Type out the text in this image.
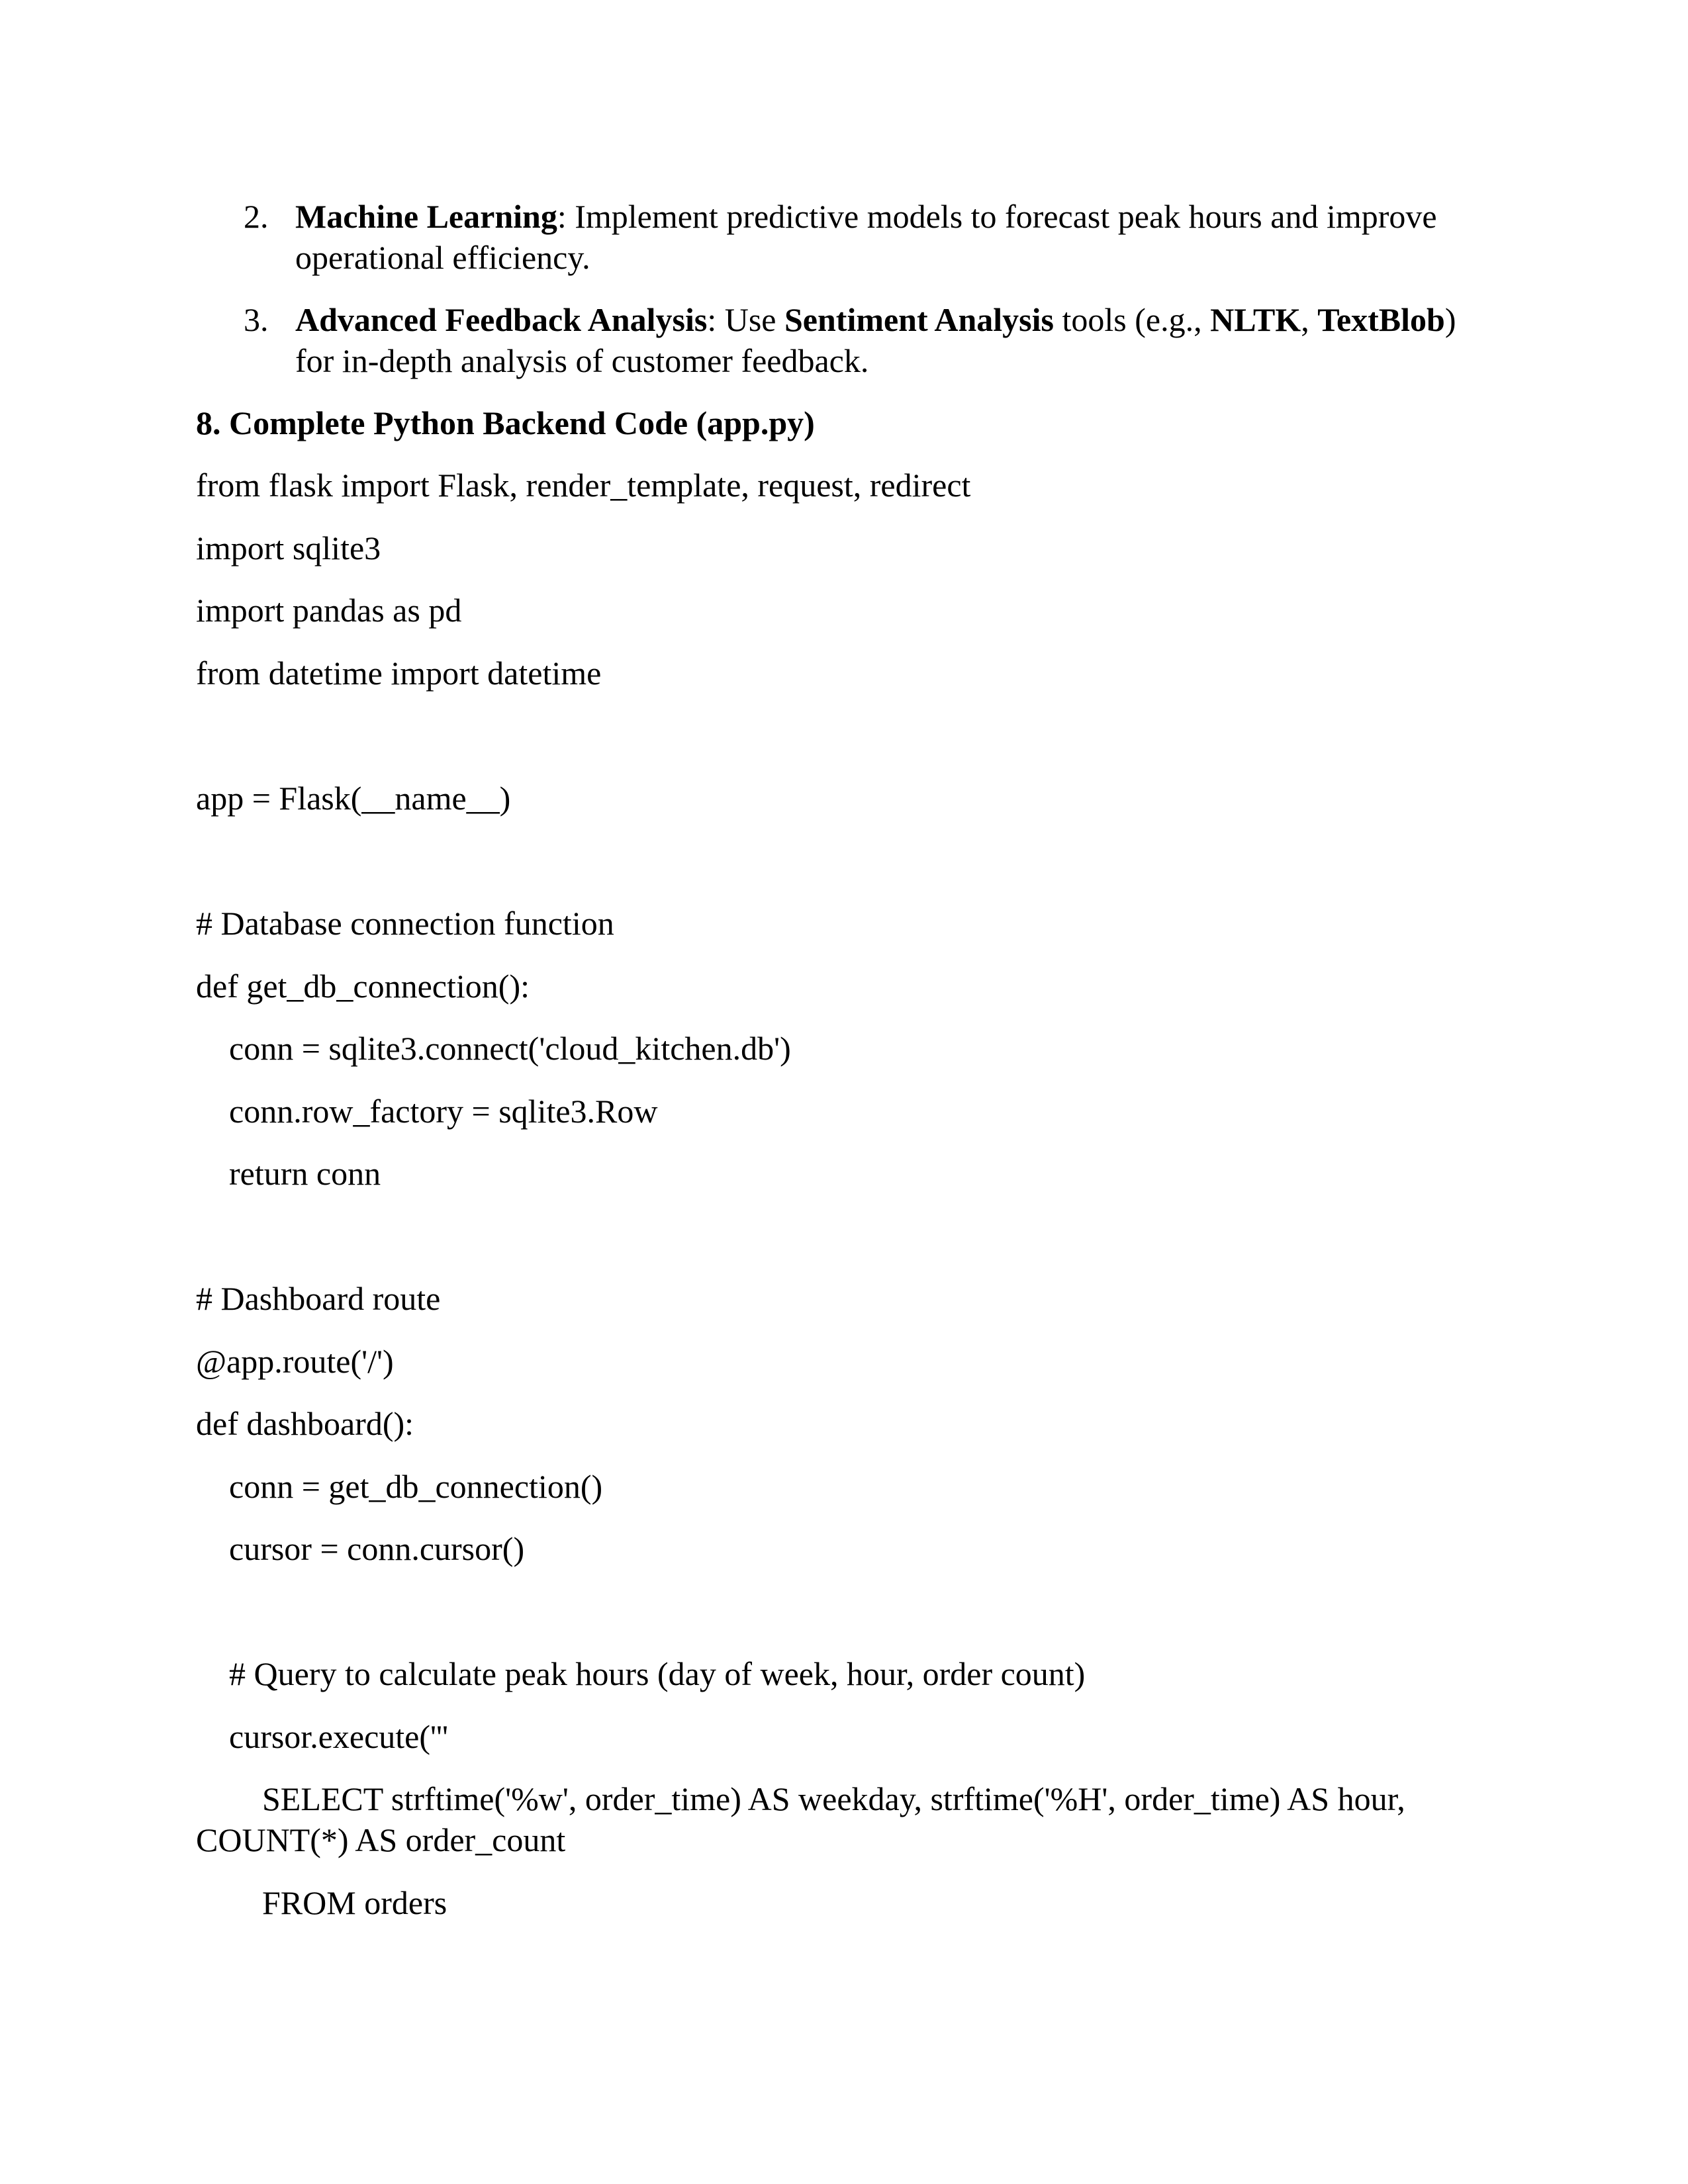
2. Machine Learning: Implement predictive models to forecast peak hours and improve
operational efficiency.
3. Advanced Feedback Analysis: Use Sentiment Analysis tools (e.g., NLTK, TextBlob)
for in-depth analysis of customer feedback.
8. Complete Python Backend Code (app.py)
from flask import Flask, render_template, request, redirect
import sqlite3
import pandas as pd
from datetime import datetime
app = Flask(__name__)
# Database connection function
def get_db_connection():
conn = sqlite3.connect('cloud_kitchen.db')
conn.row_factory = sqlite3.Row
return conn
# Dashboard route
@app.route('/')
def dashboard():
conn = get_db_connection()
cursor = conn.cursor()
# Query to calculate peak hours (day of week, hour, order count)
cursor.execute('''
SELECT strftime('%w', order_time) AS weekday, strftime('%H', order_time) AS hour,
COUNT(*) AS order_count
FROM orders
